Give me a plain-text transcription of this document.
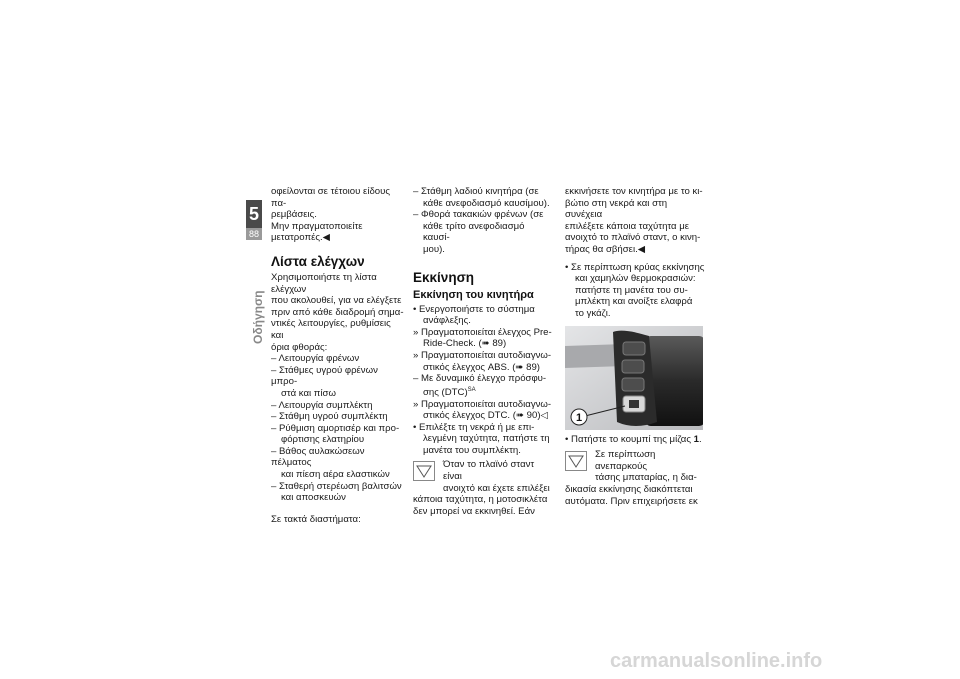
5
88
Οδήγηση

οφείλονται σε τέτοιου είδους πα-

ρεμβάσεις.

Μην πραγματοποιείτε

μετατροπές.◀

Λίστα ελέγχων

Χρησιμοποιήστε τη λίστα ελέγχων

που ακολουθεί, για να ελέγξετε

πριν από κάθε διαδρομή σημα-

ντικές λειτουργίες, ρυθμίσεις και

όρια φθοράς:

– Λειτουργία φρένων

– Στάθμες υγρού φρένων μπρο-

στά και πίσω

– Λειτουργία συμπλέκτη

– Στάθμη υγρού συμπλέκτη

– Ρύθμιση αμορτισέρ και προ-

φόρτισης ελατηρίου

– Βάθος αυλακώσεων πέλματος

και πίεση αέρα ελαστικών

– Σταθερή στερέωση βαλιτσών

και αποσκευών

Σε τακτά διαστήματα:

– Στάθμη λαδιού κινητήρα (σε

κάθε ανεφοδιασμό καυσίμου).

– Φθορά τακακιών φρένων (σε

κάθε τρίτο ανεφοδιασμό καυσί-

μου).

Εκκίνηση
Εκκίνηση του κινητήρα

• Ενεργοποιήστε το σύστημα

ανάφλεξης.

» Πραγματοποιείται έλεγχος Pre-

Ride-Check. (➠ 89)

» Πραγματοποιείται αυτοδιαγνω-

στικός έλεγχος ABS. (➠ 89)

– Με δυναμικό έλεγχο πρόσφυ-

σης (DTC)$^{SA}$

» Πραγματοποιείται αυτοδιαγνω-

στικός έλεγχος DTC. (➠ 90)◁

• Επιλέξτε τη νεκρά ή με επι-

λεγμένη ταχύτητα, πατήστε τη

μανέτα του συμπλέκτη.

Όταν το πλαϊνό σταντ είναι

ανοιχτό και έχετε επιλέξει

κάποια ταχύτητα, η μοτοσικλέτα

δεν μπορεί να εκκινηθεί. Εάν

εκκινήσετε τον κινητήρα με το κι-

βώτιο στη νεκρά και στη συνέχεια

επιλέξετε κάποια ταχύτητα με

ανοιχτό το πλαϊνό σταντ, ο κινη-

τήρας θα σβήσει.◀

• Σε περίπτωση κρύας εκκίνησης

και χαμηλών θερμοκρασιών:

πατήστε τη μανέτα του συ-

μπλέκτη και ανοίξτε ελαφρά

το γκάζι.

1

• Πατήστε το κουμπί της μίζας 1.

Σε περίπτωση ανεπαρκούς

τάσης μπαταρίας, η δια-

δικασία εκκίνησης διακόπτεται

αυτόματα. Πριν επιχειρήσετε εκ

carmanualsonline.info
